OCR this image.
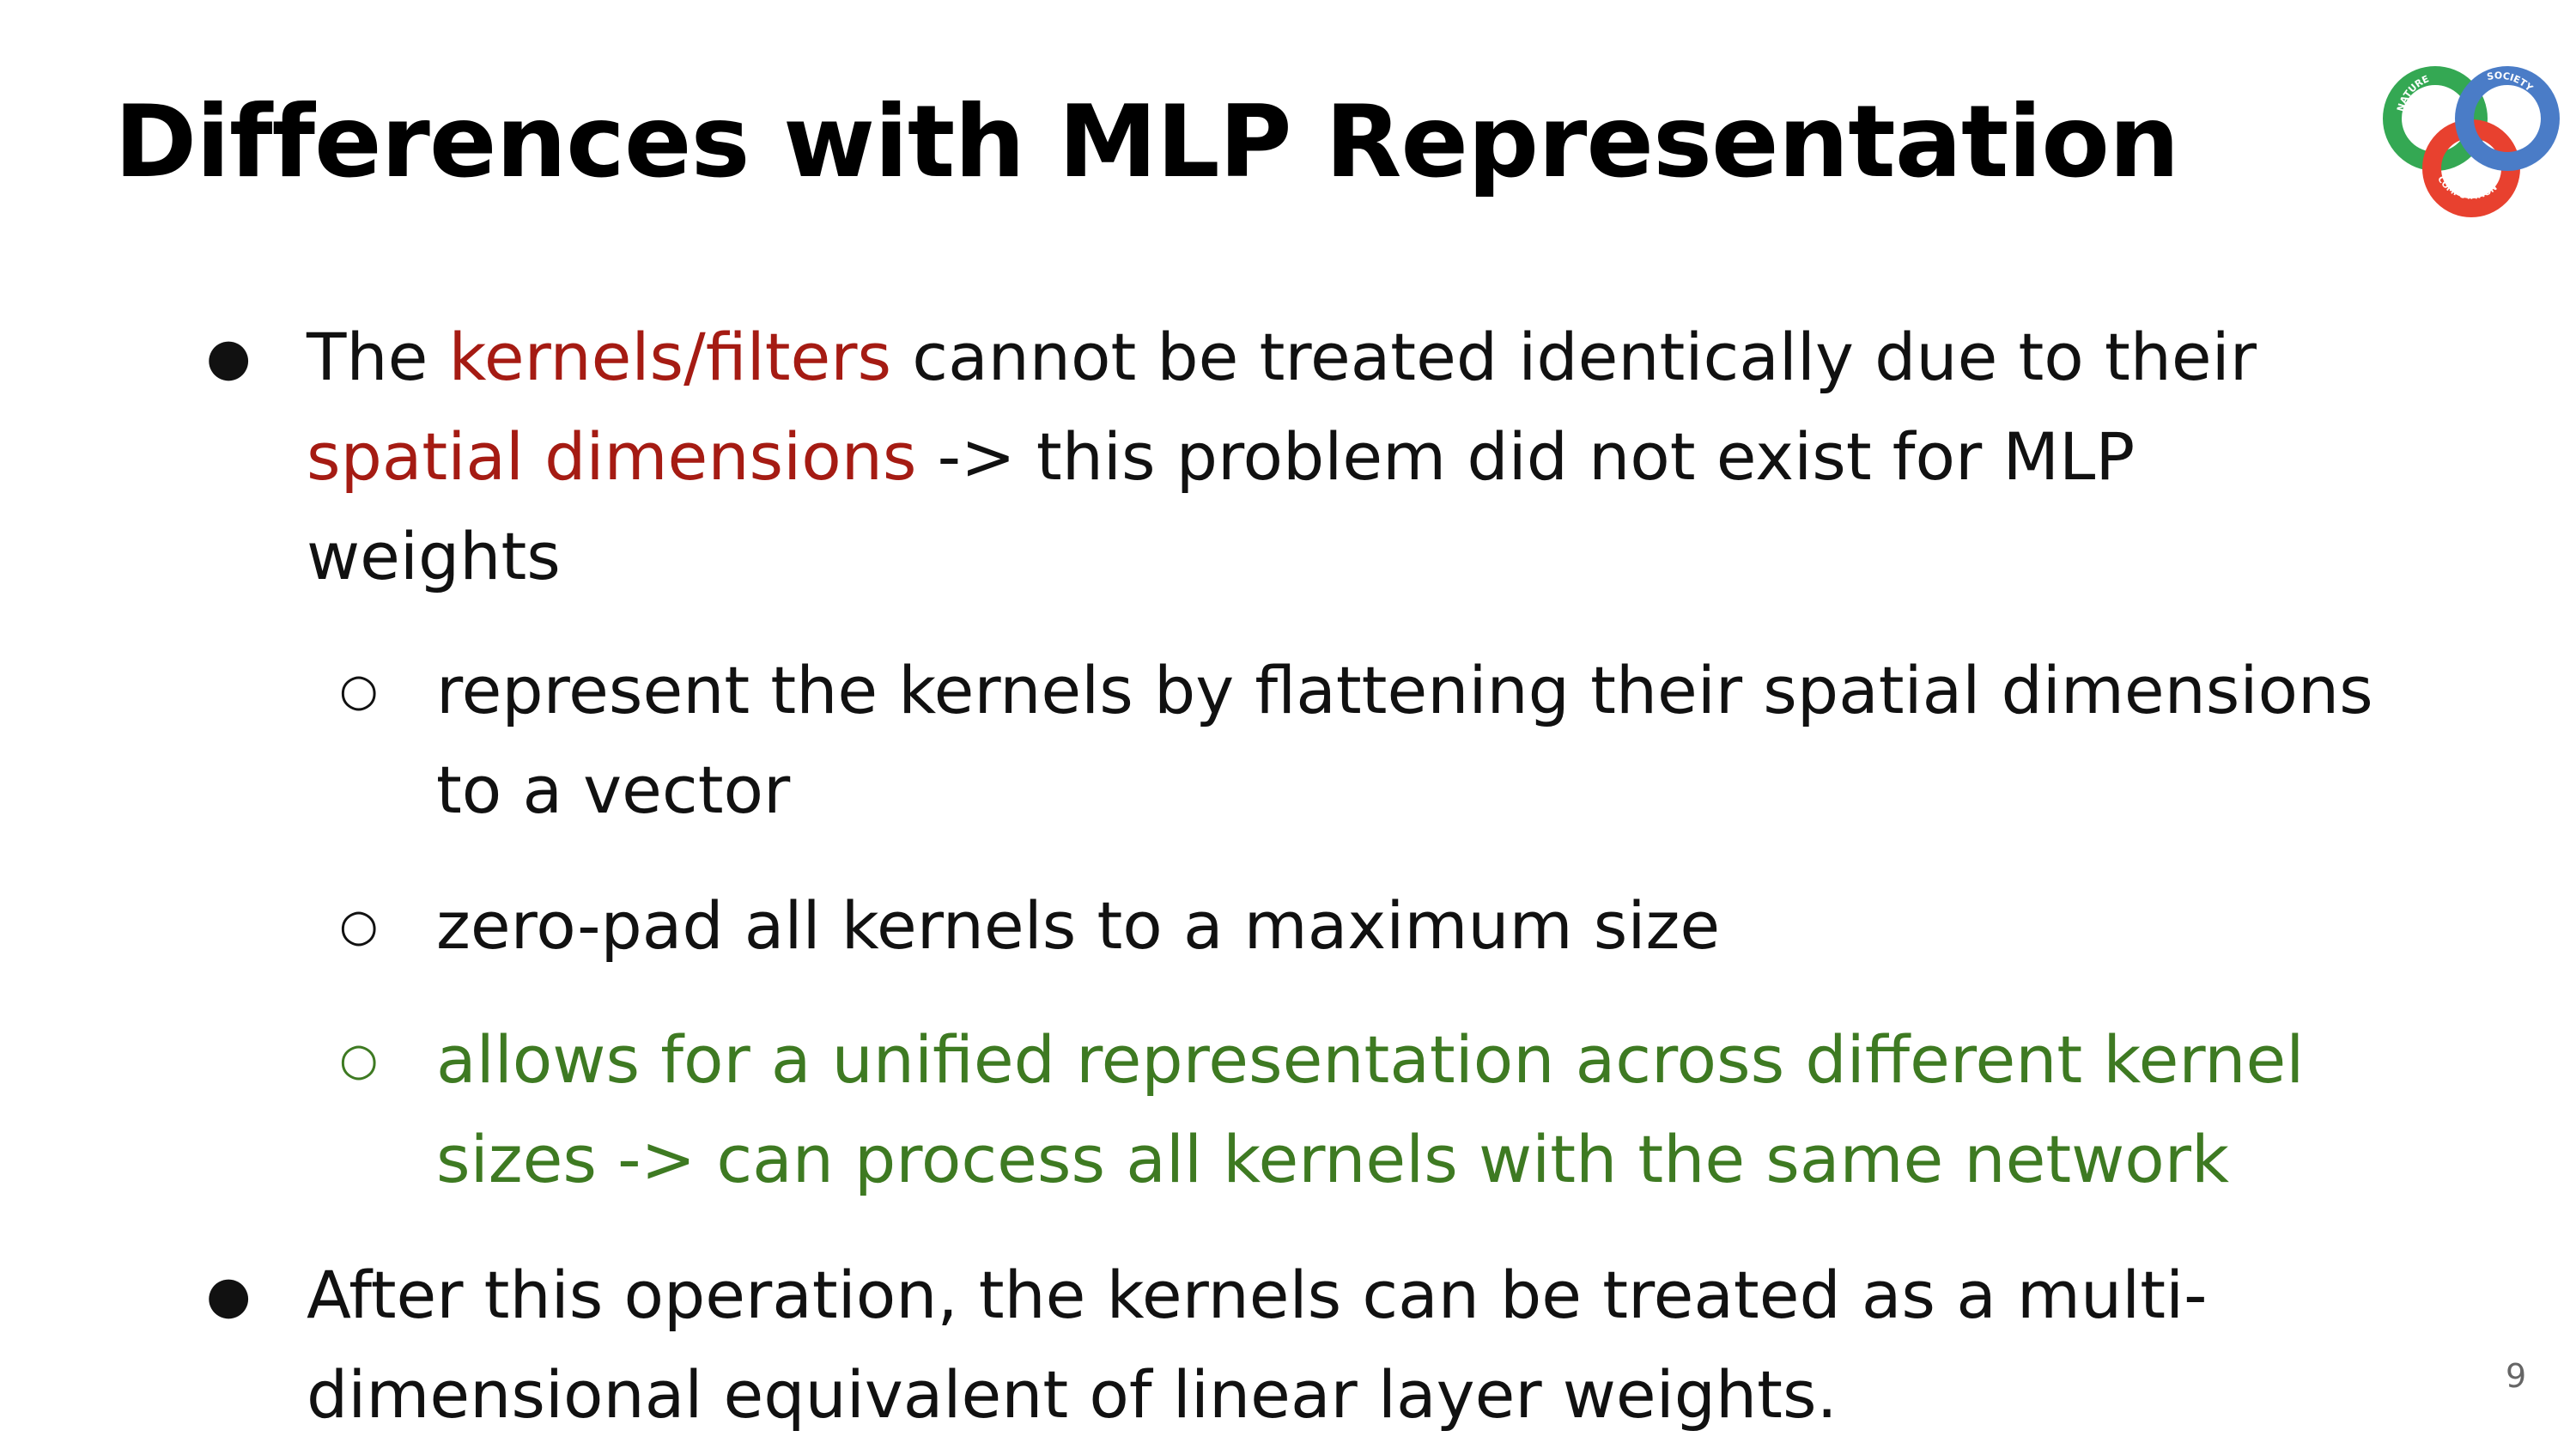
Differences with MLP Representation	NATURE	SOCIETY
COMPUTATION
● The kernels/filters cannot be treated identically due to their
spatial dimensions -> this problem did not exist for MLP
weights
○ represent the kernels by flattening their spatial dimensions
to a vector
○ zero-pad all kernels to a maximum size
○ allows for a unified representation across different kernel
sizes -> can process all kernels with the same network
● After this operation, the kernels can be treated as a multi-
dimensional equivalent of linear layer weights.	9
